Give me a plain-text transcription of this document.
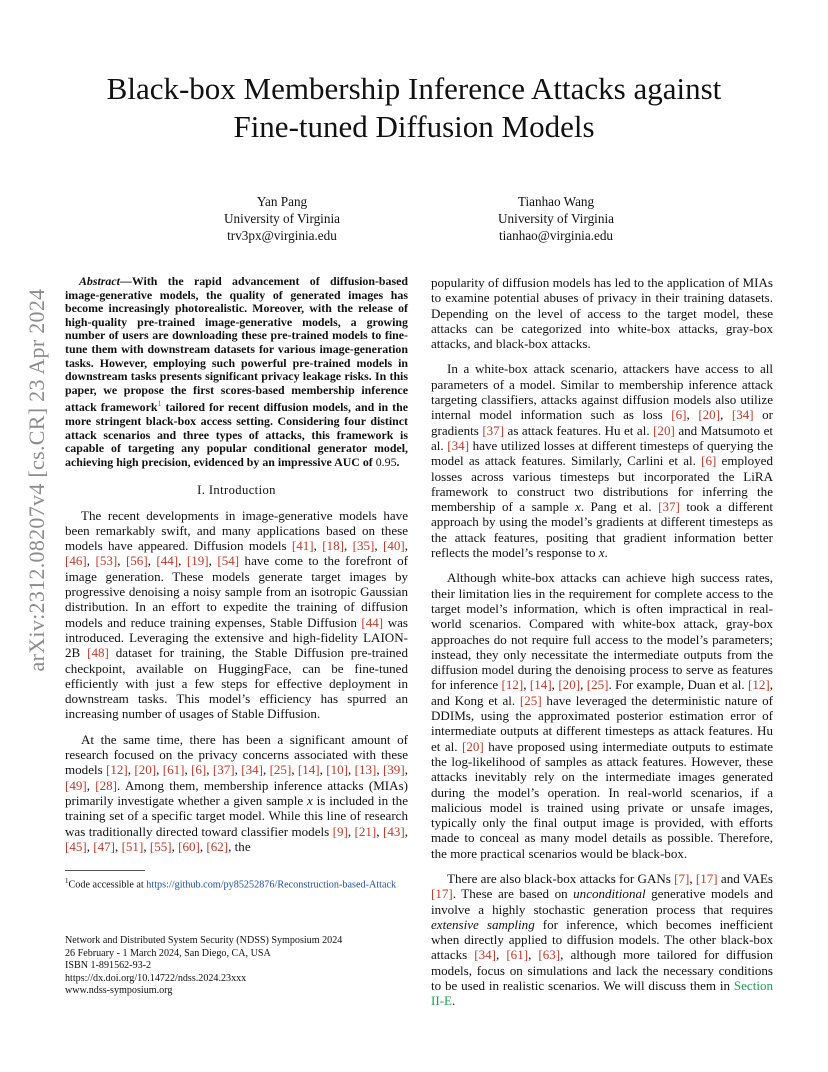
arXiv:2312.08207v4 [cs.CR] 23 Apr 2024
Black-box Membership Inference Attacks against
Fine-tuned Diffusion Models
Yan Pang
University of Virginia
trv3px@virginia.edu
Tianhao Wang
University of Virginia
tianhao@virginia.edu

Abstract—With the rapid advancement of diffusion-based image-generative models, the quality of generated images has become increasingly photorealistic. Moreover, with the release of high-quality pre-trained image-generative models, a growing number of users are downloading these pre-trained models to fine-tune them with downstream datasets for various image-generation tasks. However, employing such powerful pre-trained models in downstream tasks presents significant privacy leakage risks. In this paper, we propose the first scores-based membership inference attack framework$^1$ tailored for recent diffusion models, and in the more stringent black-box access setting. Considering four distinct attack scenarios and three types of attacks, this framework is capable of targeting any popular conditional generator model, achieving high precision, evidenced by an impressive AUC of 0.95.

I. Introduction

The recent developments in image-generative models have been remarkably swift, and many applications based on these models have appeared. Diffusion models [41], [18], [35], [40], [46], [53], [56], [44], [19], [54] have come to the forefront of image generation. These models generate target images by progressive denoising a noisy sample from an isotropic Gaussian distribution. In an effort to expedite the training of diffusion models and reduce training expenses, Stable Diffusion [44] was introduced. Leveraging the extensive and high-fidelity LAION-2B [48] dataset for training, the Stable Diffusion pre-trained checkpoint, available on HuggingFace, can be fine-tuned efficiently with just a few steps for effective deployment in downstream tasks. This model’s efficiency has spurred an increasing number of usages of Stable Diffusion.

At the same time, there has been a significant amount of research focused on the privacy concerns associated with these models [12], [20], [61], [6], [37], [34], [25], [14], [10], [13], [39], [49], [28]. Among them, membership inference attacks (MIAs) primarily investigate whether a given sample x is included in the training set of a specific target model. While this line of research was traditionally directed toward classifier models [9], [21], [43], [45], [47], [51], [55], [60], [62], the

popularity of diffusion models has led to the application of MIAs to examine potential abuses of privacy in their training datasets. Depending on the level of access to the target model, these attacks can be categorized into white-box attacks, gray-box attacks, and black-box attacks.

In a white-box attack scenario, attackers have access to all parameters of a model. Similar to membership inference attack targeting classifiers, attacks against diffusion models also utilize internal model information such as loss [6], [20], [34] or gradients [37] as attack features. Hu et al. [20] and Matsumoto et al. [34] have utilized losses at different timesteps of querying the model as attack features. Similarly, Carlini et al. [6] employed losses across various timesteps but incorporated the LiRA framework to construct two distributions for inferring the membership of a sample x. Pang et al. [37] took a different approach by using the model’s gradients at different timesteps as the attack features, positing that gradient information better reflects the model’s response to x.

Although white-box attacks can achieve high success rates, their limitation lies in the requirement for complete access to the target model’s information, which is often impractical in real-world scenarios. Compared with white-box attack, gray-box approaches do not require full access to the model’s parameters; instead, they only necessitate the intermediate outputs from the diffusion model during the denoising process to serve as features for inference [12], [14], [20], [25]. For example, Duan et al. [12], and Kong et al. [25] have leveraged the deterministic nature of DDIMs, using the approximated posterior estimation error of intermediate outputs at different timesteps as attack features. Hu et al. [20] have proposed using intermediate outputs to estimate the log-likelihood of samples as attack features. However, these attacks inevitably rely on the intermediate images generated during the model’s operation. In real-world scenarios, if a malicious model is trained using private or unsafe images, typically only the final output image is provided, with efforts made to conceal as many model details as possible. Therefore, the more practical scenarios would be black-box.

There are also black-box attacks for GANs [7], [17] and VAEs [17]. These are based on unconditional generative models and involve a highly stochastic generation process that requires extensive sampling for inference, which becomes inefficient when directly applied to diffusion models. The other black-box attacks [34], [61], [63], although more tailored for diffusion models, focus on simulations and lack the necessary conditions to be used in realistic scenarios. We will discuss them in Section II-E.

$^1$Code accessible at https://github.com/py85252876/Reconstruction-based-Attack
Network and Distributed System Security (NDSS) Symposium 2024
26 February - 1 March 2024, San Diego, CA, USA
ISBN 1-891562-93-2
https://dx.doi.org/10.14722/ndss.2024.23xxx
www.ndss-symposium.org
